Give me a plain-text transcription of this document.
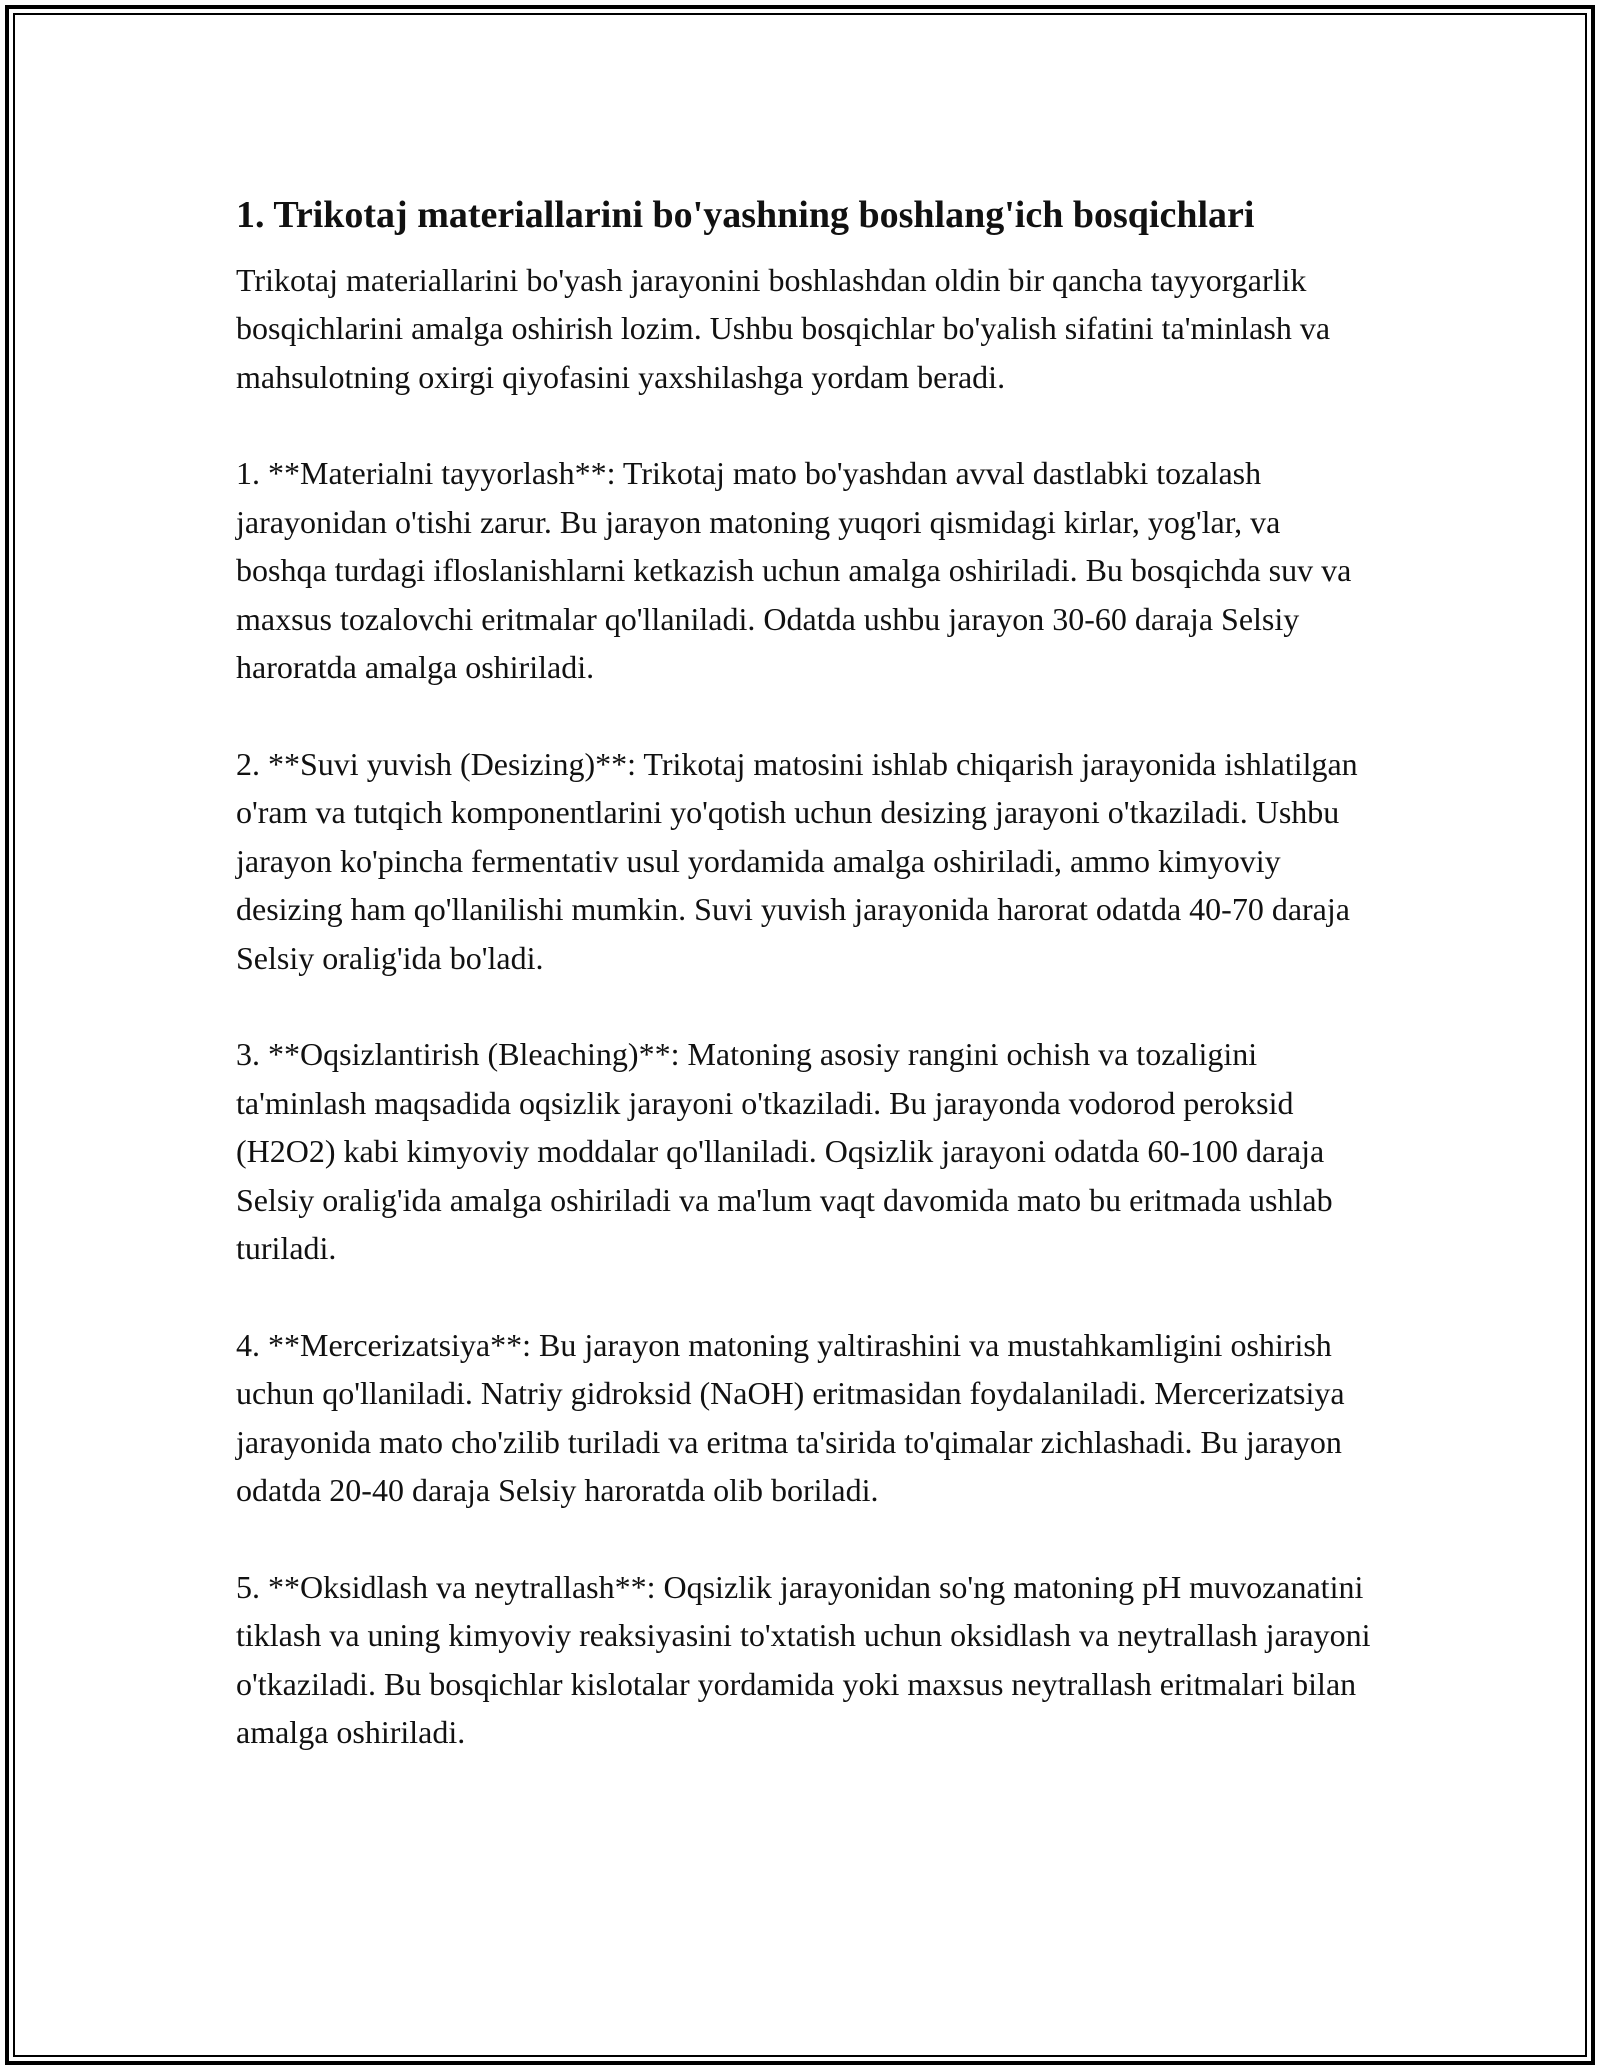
1. Trikotaj materiallarini bo'yashning boshlang'ich bosqichlari

Trikotaj materiallarini bo'yash jarayonini boshlashdan oldin bir qancha tayyorgarlik bosqichlarini amalga oshirish lozim. Ushbu bosqichlar bo'yalish sifatini ta'minlash va mahsulotning oxirgi qiyofasini yaxshilashga yordam beradi.

1. **Materialni tayyorlash**: Trikotaj mato bo'yashdan avval dastlabki tozalash jarayonidan o'tishi zarur. Bu jarayon matoning yuqori qismidagi kirlar, yog'lar, va boshqa turdagi ifloslanishlarni ketkazish uchun amalga oshiriladi. Bu bosqichda suv va maxsus tozalovchi eritmalar qo'llaniladi. Odatda ushbu jarayon 30-60 daraja Selsiy haroratda amalga oshiriladi.

2. **Suvi yuvish (Desizing)**: Trikotaj matosini ishlab chiqarish jarayonida ishlatilgan o'ram va tutqich komponentlarini yo'qotish uchun desizing jarayoni o'tkaziladi. Ushbu jarayon ko'pincha fermentativ usul yordamida amalga oshiriladi, ammo kimyoviy desizing ham qo'llanilishi mumkin. Suvi yuvish jarayonida harorat odatda 40-70 daraja Selsiy oralig'ida bo'ladi.

3. **Oqsizlantirish (Bleaching)**: Matoning asosiy rangini ochish va tozaligini ta'minlash maqsadida oqsizlik jarayoni o'tkaziladi. Bu jarayonda vodorod peroksid (H2O2) kabi kimyoviy moddalar qo'llaniladi. Oqsizlik jarayoni odatda 60-100 daraja Selsiy oralig'ida amalga oshiriladi va ma'lum vaqt davomida mato bu eritmada ushlab turiladi.

4. **Mercerizatsiya**: Bu jarayon matoning yaltirashini va mustahkamligini oshirish uchun qo'llaniladi. Natriy gidroksid (NaOH) eritmasidan foydalaniladi. Mercerizatsiya jarayonida mato cho'zilib turiladi va eritma ta'sirida to'qimalar zichlashadi. Bu jarayon odatda 20-40 daraja Selsiy haroratda olib boriladi.

5. **Oksidlash va neytrallash**: Oqsizlik jarayonidan so'ng matoning pH muvozanatini tiklash va uning kimyoviy reaksiyasini to'xtatish uchun oksidlash va neytrallash jarayoni o'tkaziladi. Bu bosqichlar kislotalar yordamida yoki maxsus neytrallash eritmalari bilan amalga oshiriladi.
